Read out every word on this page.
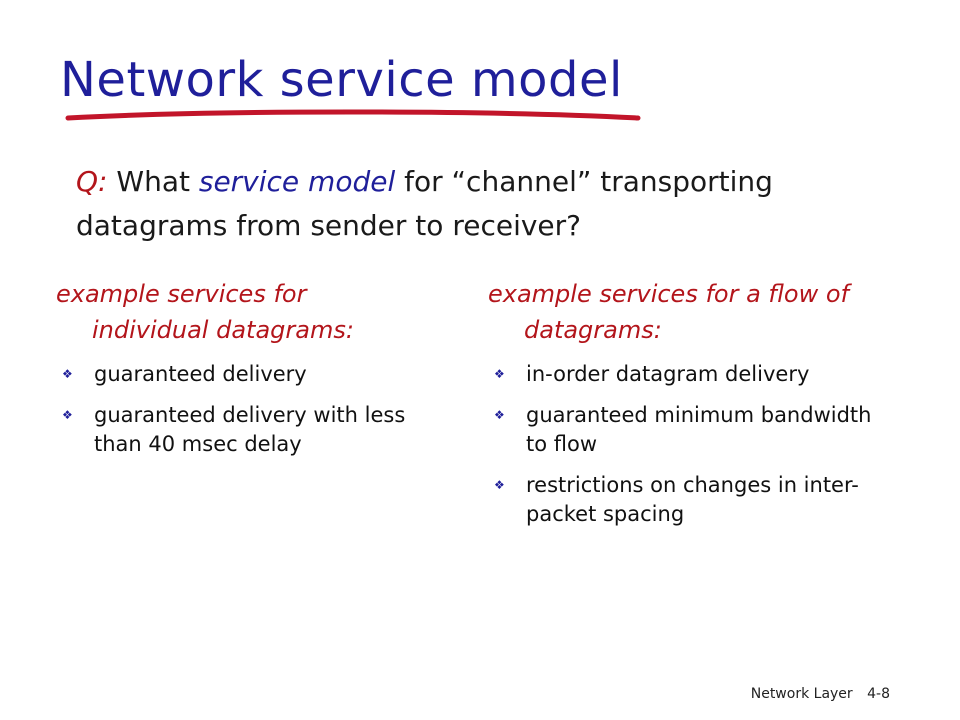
Network service model
Q: What service model for “channel” transporting datagrams from sender to receiver?
example services for individual datagrams:
❖ guaranteed delivery
❖ guaranteed delivery with less than 40 msec delay
example services for a flow of datagrams:
❖ in-order datagram delivery
❖ guaranteed minimum bandwidth to flow
❖ restrictions on changes in inter-packet spacing
Network Layer 4-8
